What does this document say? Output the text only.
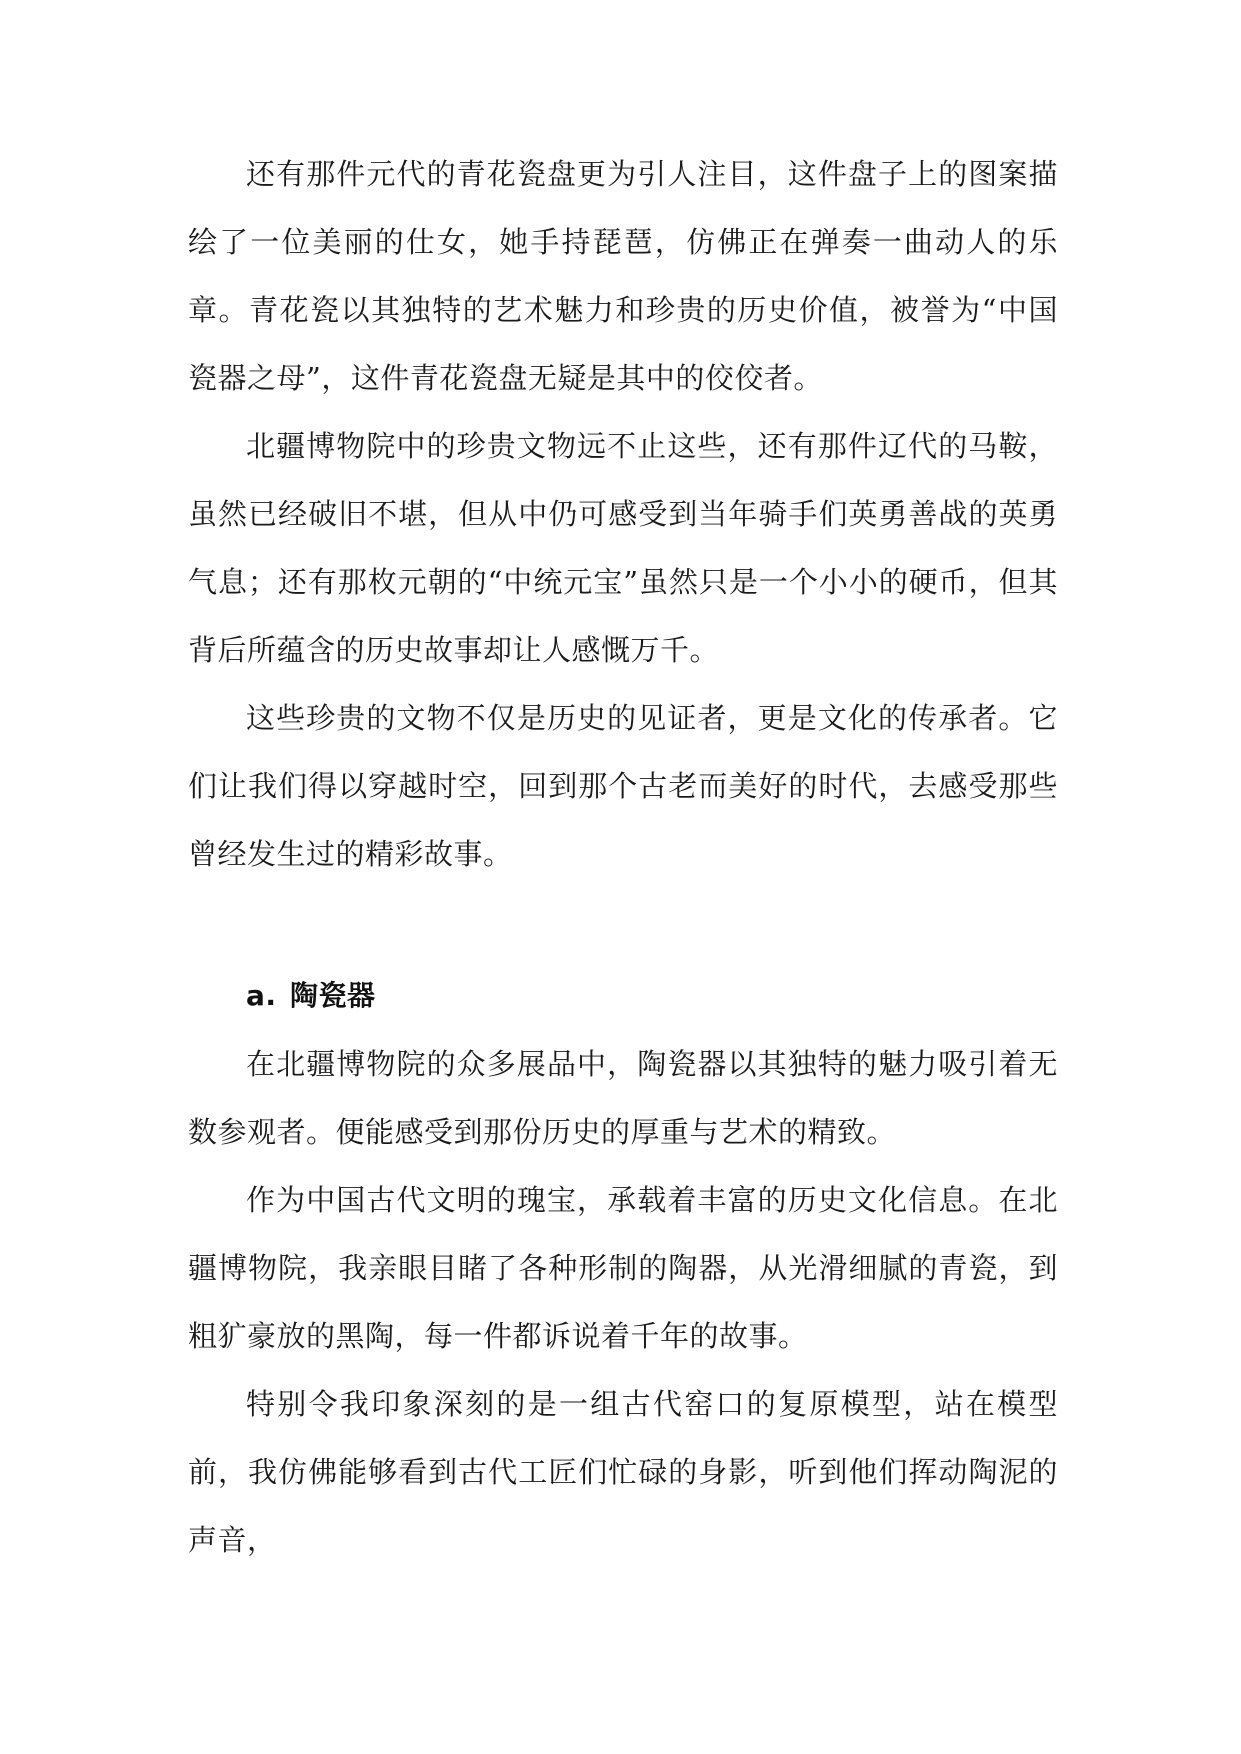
还有那件元代的青花瓷盘更为引人注目，这件盘子上的图案描绘了一位美丽的仕女，她手持琵琶，仿佛正在弹奏一曲动人的乐章。青花瓷以其独特的艺术魅力和珍贵的历史价值，被誉为“中国瓷器之母”，这件青花瓷盘无疑是其中的佼佼者。

北疆博物院中的珍贵文物远不止这些，还有那件辽代的马鞍，虽然已经破旧不堪，但从中仍可感受到当年骑手们英勇善战的英勇气息；还有那枚元朝的“中统元宝”虽然只是一个小小的硬币，但其背后所蕴含的历史故事却让人感慨万千。

这些珍贵的文物不仅是历史的见证者，更是文化的传承者。它们让我们得以穿越时空，回到那个古老而美好的时代，去感受那些曾经发生过的精彩故事。

a. 陶瓷器

在北疆博物院的众多展品中，陶瓷器以其独特的魅力吸引着无数参观者。便能感受到那份历史的厚重与艺术的精致。

作为中国古代文明的瑰宝，承载着丰富的历史文化信息。在北疆博物院，我亲眼目睹了各种形制的陶器，从光滑细腻的青瓷，到粗犷豪放的黑陶，每一件都诉说着千年的故事。

特别令我印象深刻的是一组古代窑口的复原模型，站在模型前，我仿佛能够看到古代工匠们忙碌的身影，听到他们挥动陶泥的声音，
